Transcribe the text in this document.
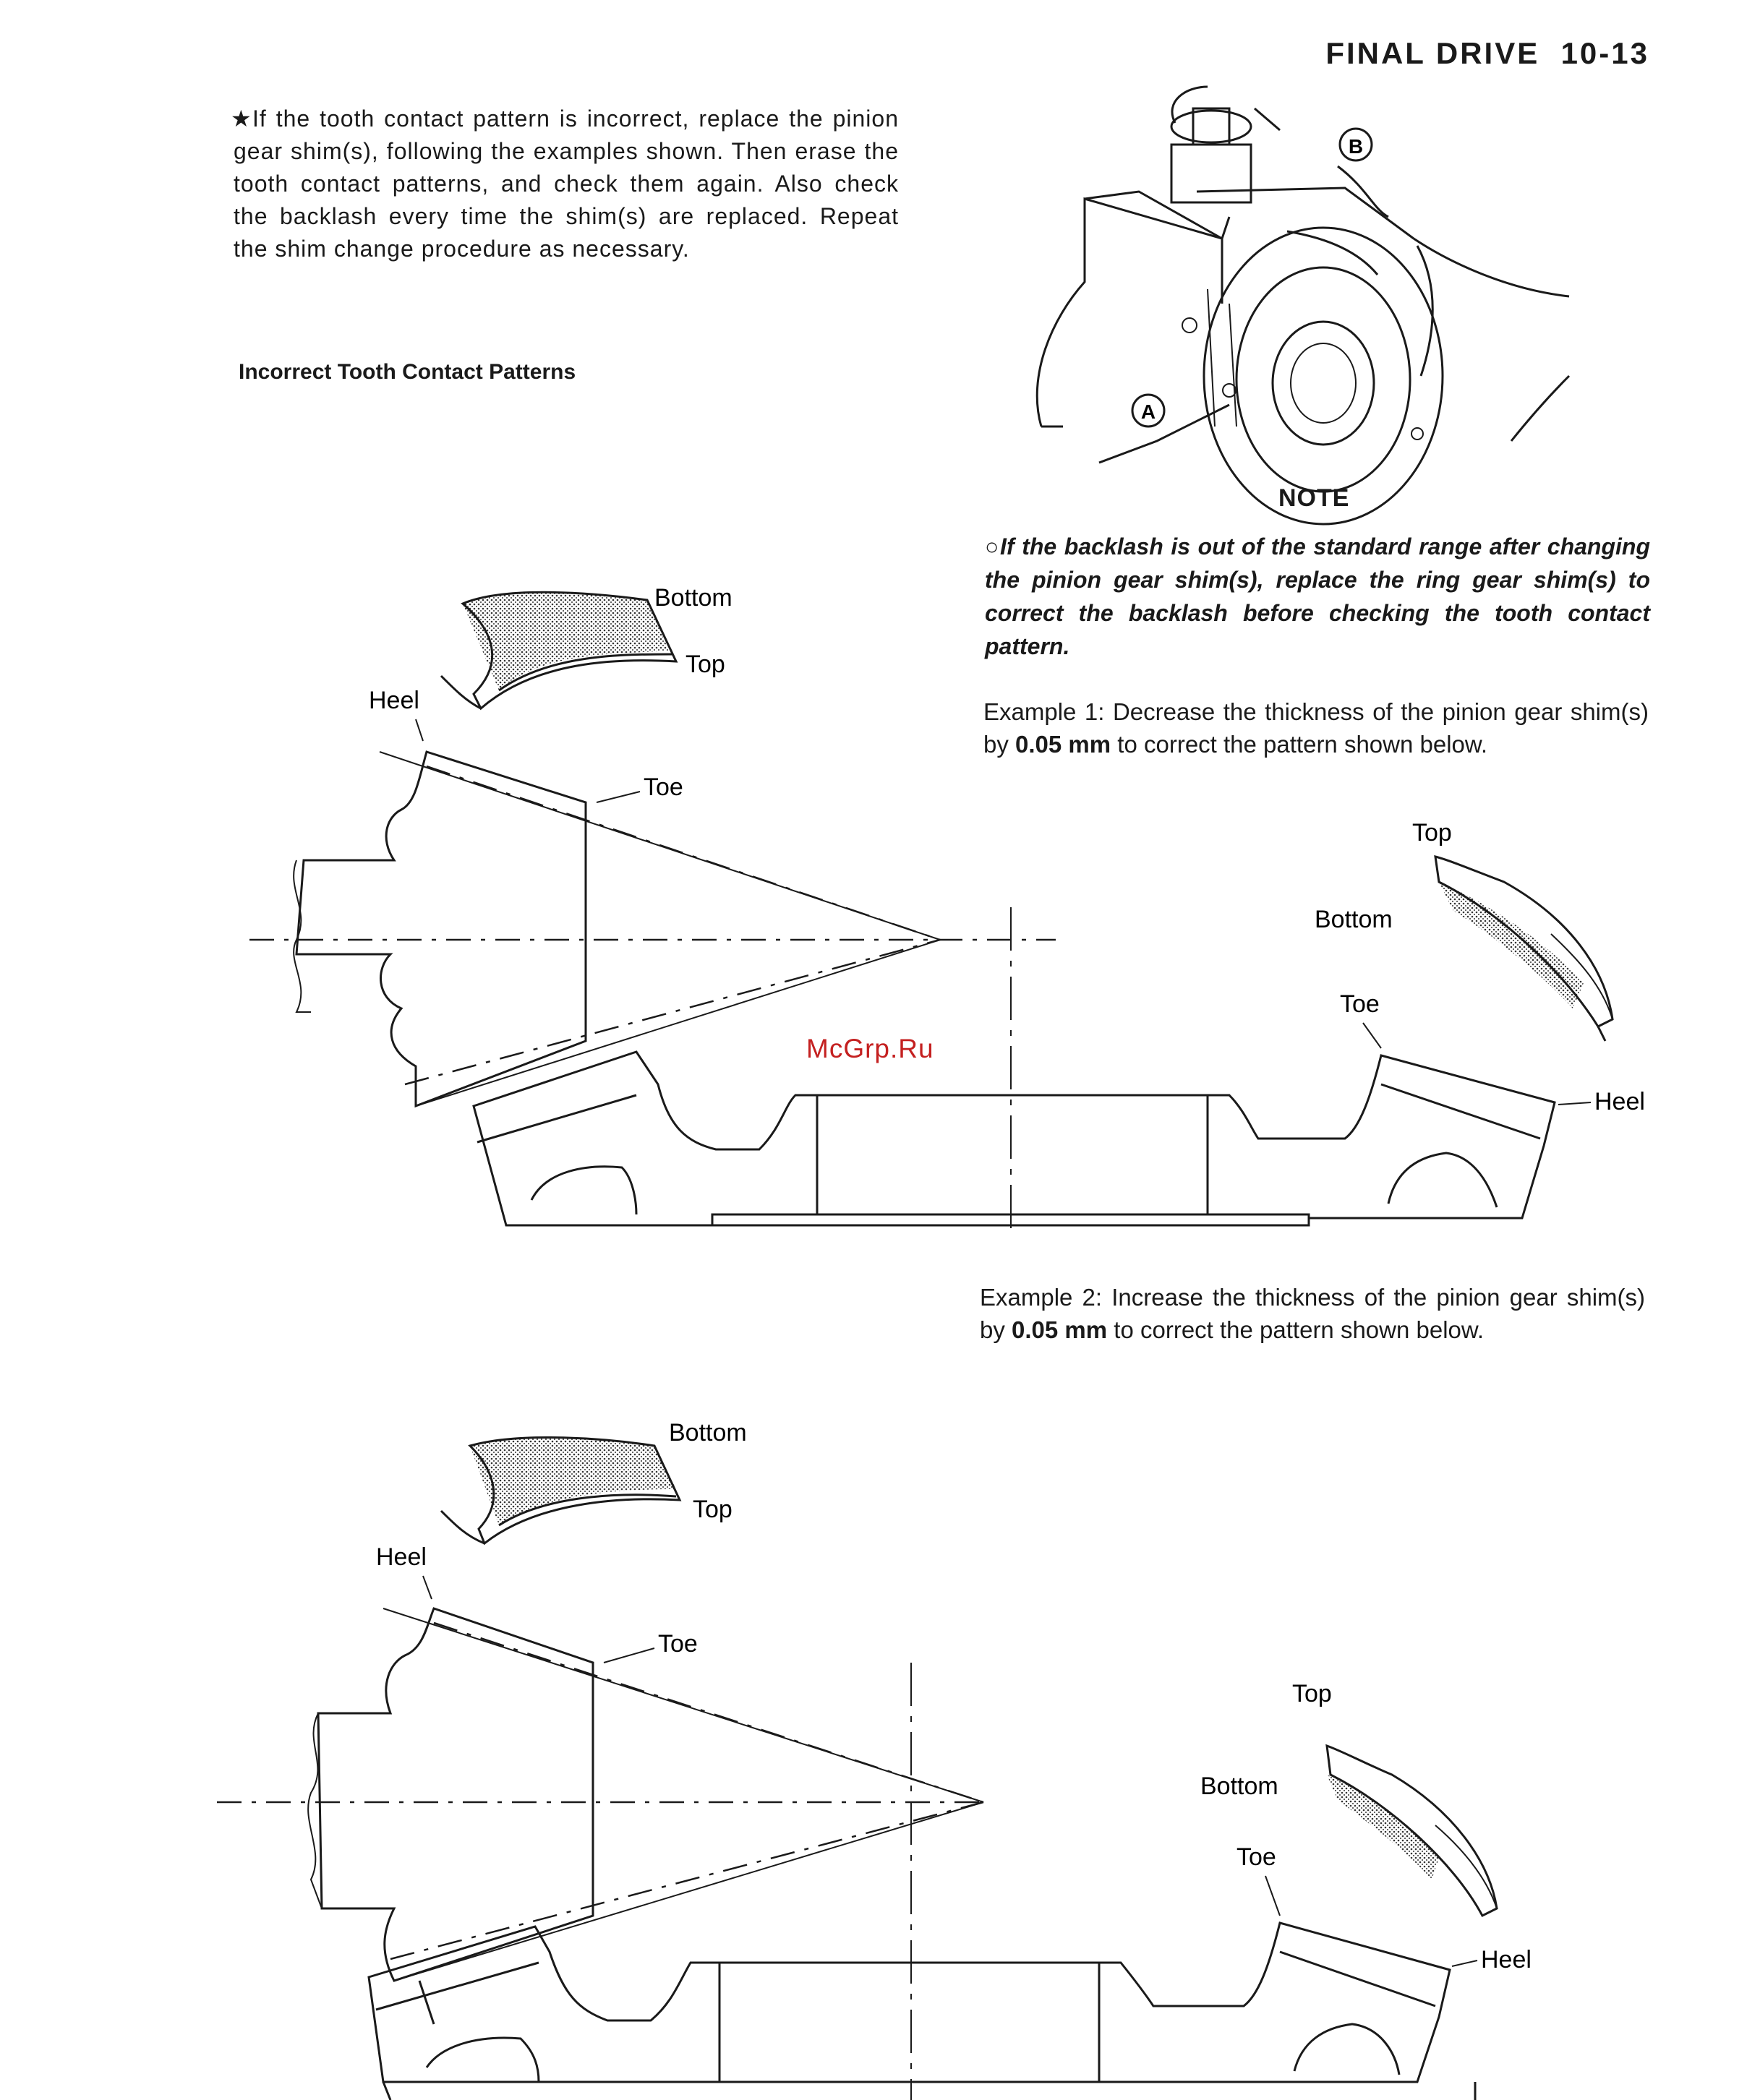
FINAL DRIVE 10-13
★ If the tooth contact pattern is incorrect, replace the pinion gear shim(s), following the examples shown. Then erase the tooth contact patterns, and check them again. Also check the backlash every time the shim(s) are replaced. Repeat the shim change procedure as necessary.
Incorrect Tooth Contact Patterns
NOTE
○If the backlash is out of the standard range after changing the pinion gear shim(s), replace the ring gear shim(s) to correct the backlash before checking the tooth contact pattern.
Example 1: Decrease the thickness of the pinion gear shim(s) by 0.05 mm to correct the pattern shown below.
Example 2: Increase the thickness of the pinion gear shim(s) by 0.05 mm to correct the pattern shown below.
McGrp.Ru
B
A
Bottom
Top
Heel
Toe
Top
Bottom
Toe
Heel
Bottom
Top
Heel
Toe
Top
Bottom
Toe
Heel
